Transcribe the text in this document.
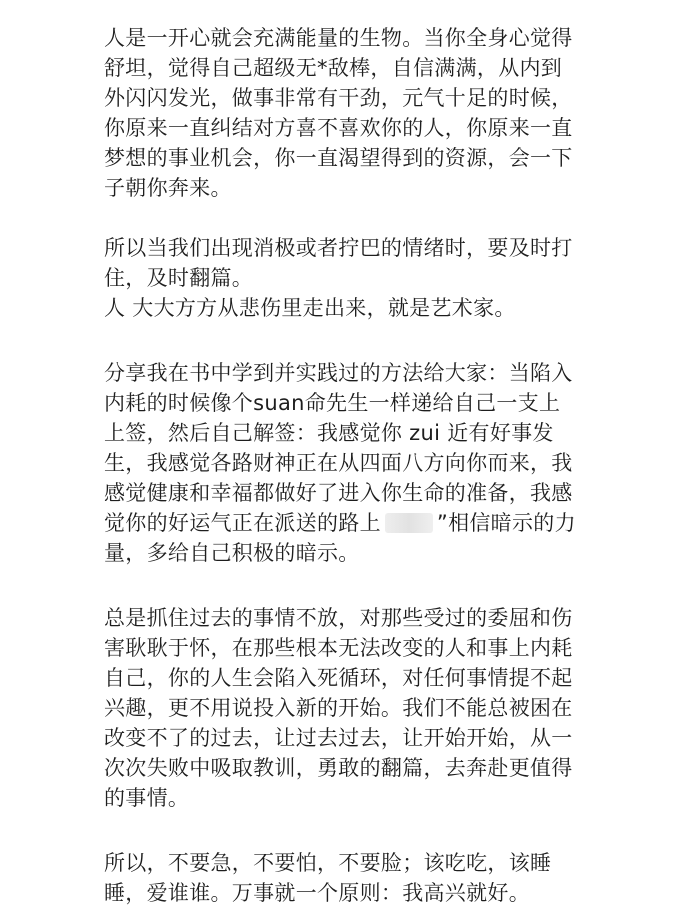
人是一开心就会充满能量的生物。当你全身心觉得
舒坦，觉得自己超级无*敌棒，自信满满，从内到
外闪闪发光，做事非常有干劲，元气十足的时候，
你原来一直纠结对方喜不喜欢你的人，你原来一直
梦想的事业机会，你一直渴望得到的资源，会一下
子朝你奔来。
所以当我们出现消极或者拧巴的情绪时，要及时打
住，及时翻篇。
人 大大方方从悲伤里走出来，就是艺术家。
分享我在书中学到并实践过的方法给大家：当陷入
内耗的时候像个suan命先生一样递给自己一支上
上签，然后自己解签：我感觉你 zui 近有好事发
生，我感觉各路财神正在从四面八方向你而来，我
感觉健康和幸福都做好了进入你生命的准备，我感
觉你的好运气正在派送的路上	”相信暗示的力
量，多给自己积极的暗示。
总是抓住过去的事情不放，对那些受过的委屈和伤
害耿耿于怀，在那些根本无法改变的人和事上内耗
自己，你的人生会陷入死循环，对任何事情提不起
兴趣，更不用说投入新的开始。我们不能总被困在
改变不了的过去，让过去过去，让开始开始，从一
次次失败中吸取教训，勇敢的翻篇，去奔赴更值得
的事情。
所以，不要急，不要怕，不要脸；该吃吃，该睡
睡，爱谁谁。万事就一个原则：我高兴就好。
